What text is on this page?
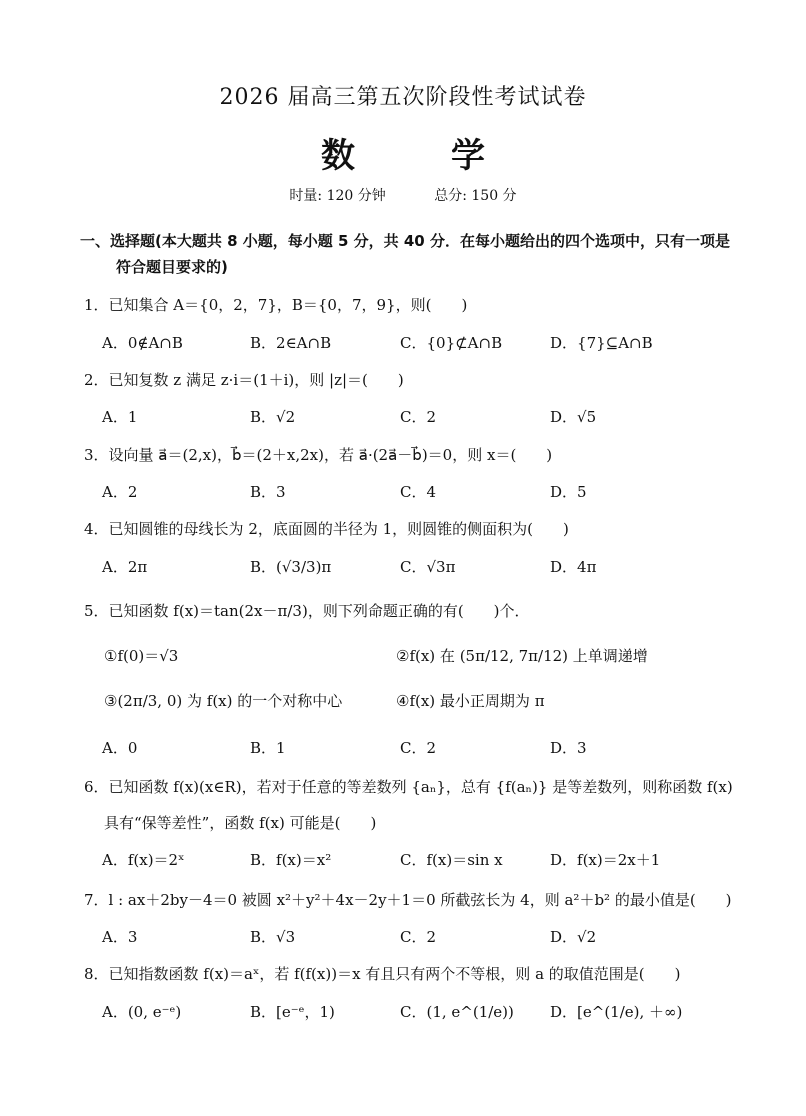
2026 届高三第五次阶段性考试试卷
数学
时量: 120 分钟	总分: 150 分
一、选择题(本大题共 8 小题，每小题 5 分，共 40 分．在每小题给出的四个选项中，只有一项是
符合题目要求的)
1．已知集合 A＝{0，2，7}，B＝{0，7，9}，则(　　)
A．0∉A∩B	B．2∈A∩B	C．{0}⊄A∩B	D．{7}⊆A∩B
2．已知复数 z 满足 z·i＝(1＋i)，则 |z|＝(　　)
A．1	B．√2	C．2	D．√5
3．设向量 a⃗＝(2,x)，b⃗＝(2＋x,2x)，若 a⃗·(2a⃗－b⃗)＝0，则 x＝(　　)
A．2	B．3	C．4	D．5
4．已知圆锥的母线长为 2，底面圆的半径为 1，则圆锥的侧面积为(　　)
A．2π	B．(√3/3)π	C．√3π	D．4π
5．已知函数 f(x)＝tan(2x－π/3)，则下列命题正确的有(　　)个．
①f(0)＝√3	②f(x) 在 (5π/12, 7π/12) 上单调递增
③(2π/3, 0) 为 f(x) 的一个对称中心	④f(x) 最小正周期为 π
A．0	B．1	C．2	D．3
6．已知函数 f(x)(x∈R)，若对于任意的等差数列 {aₙ}，总有 {f(aₙ)} 是等差数列，则称函数 f(x)
具有“保等差性”，函数 f(x) 可能是(　　)
A．f(x)＝2ˣ	B．f(x)＝x²	C．f(x)＝sin x	D．f(x)＝2x＋1
7．l : ax＋2by－4＝0 被圆 x²＋y²＋4x－2y＋1＝0 所截弦长为 4，则 a²＋b² 的最小值是(　　)
A．3	B．√3	C．2	D．√2
8．已知指数函数 f(x)＝aˣ，若 f(f(x))＝x 有且只有两个不等根，则 a 的取值范围是(　　)
A．(0, e⁻ᵉ)	B．[e⁻ᵉ，1)	C．(1, e^(1/e)) D．[e^(1/e), ＋∞)
